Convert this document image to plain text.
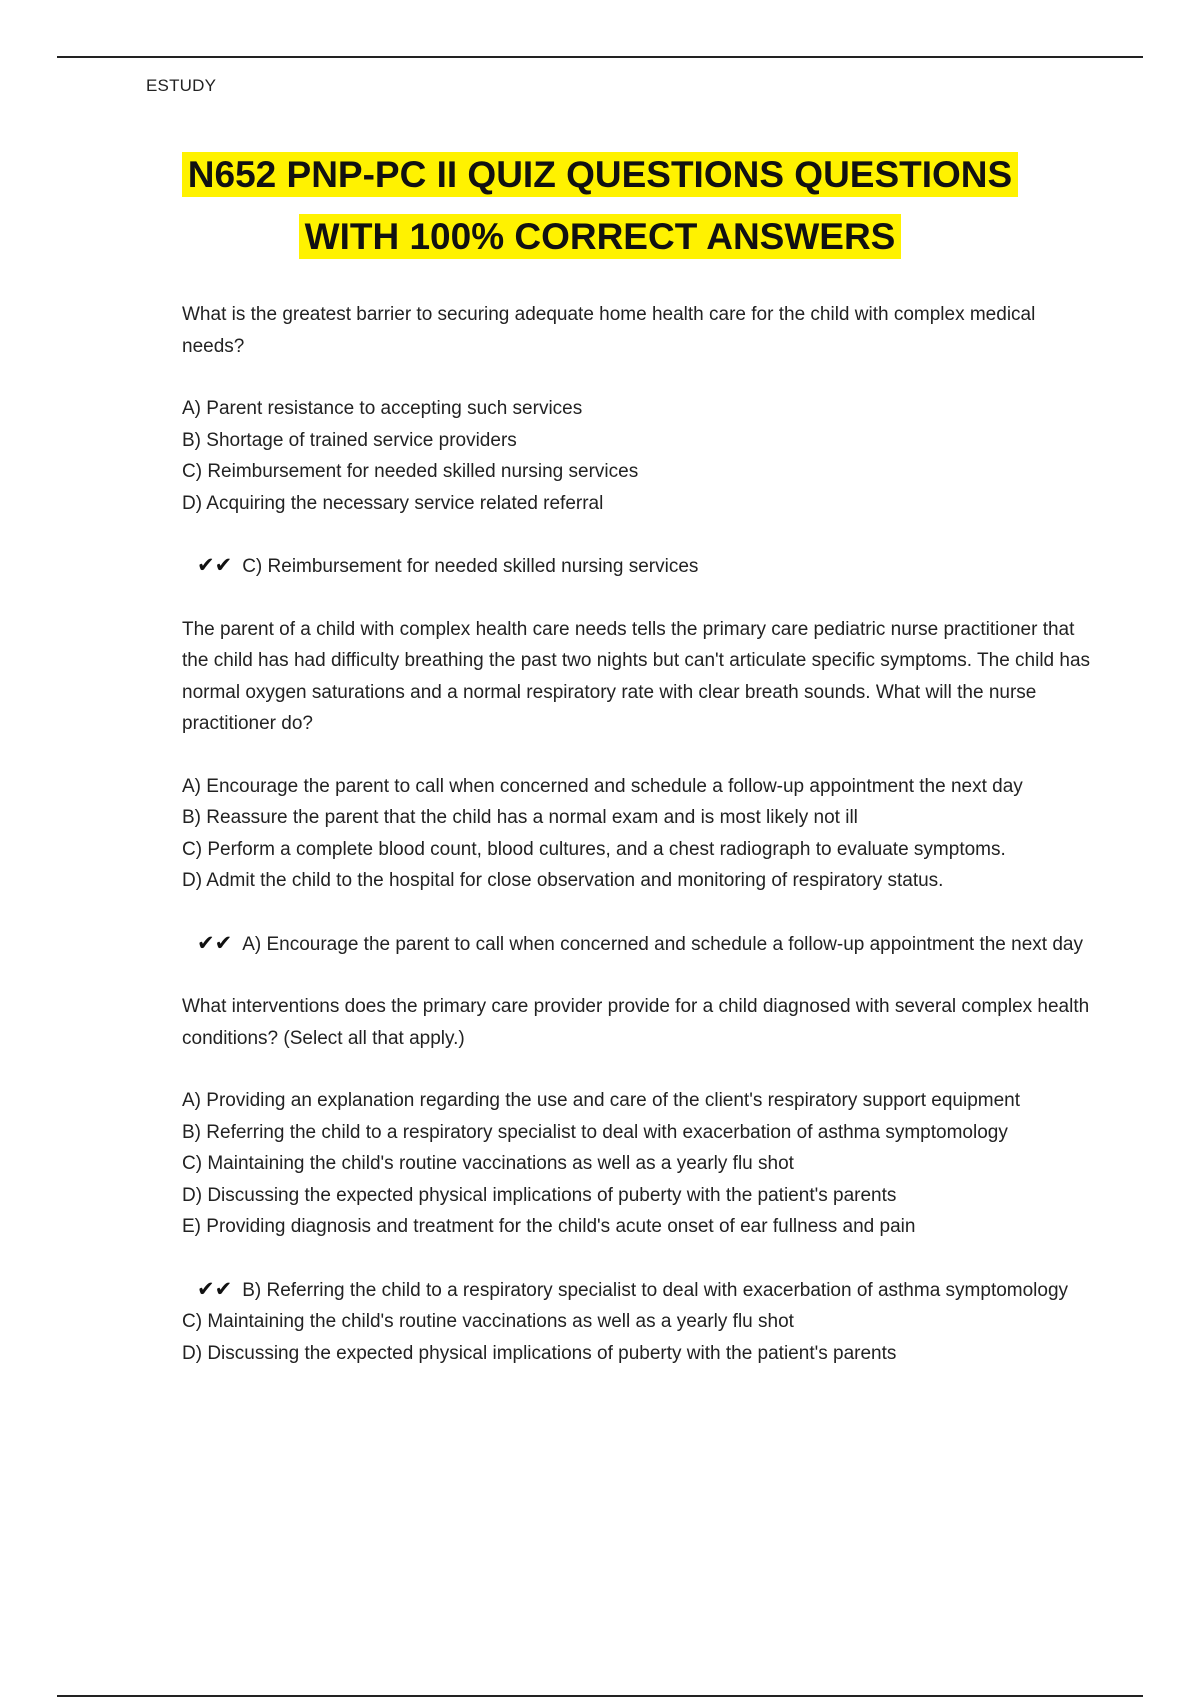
ESTUDY
N652 PNP-PC II QUIZ QUESTIONS QUESTIONS
WITH 100% CORRECT ANSWERS

What is the greatest barrier to securing adequate home health care for the child with complex medical needs?

A) Parent resistance to accepting such services
B) Shortage of trained service providers
C) Reimbursement for needed skilled nursing services
D) Acquiring the necessary service related referral

✔✔ C) Reimbursement for needed skilled nursing services

The parent of a child with complex health care needs tells the primary care pediatric nurse practitioner that the child has had difficulty breathing the past two nights but can't articulate specific symptoms. The child has normal oxygen saturations and a normal respiratory rate with clear breath sounds. What will the nurse practitioner do?

A) Encourage the parent to call when concerned and schedule a follow-up appointment the next day
B) Reassure the parent that the child has a normal exam and is most likely not ill
C) Perform a complete blood count, blood cultures, and a chest radiograph to evaluate symptoms.
D) Admit the child to the hospital for close observation and monitoring of respiratory status.

✔✔ A) Encourage the parent to call when concerned and schedule a follow-up appointment the next day

What interventions does the primary care provider provide for a child diagnosed with several complex health conditions? (Select all that apply.)

A) Providing an explanation regarding the use and care of the client's respiratory support equipment
B) Referring the child to a respiratory specialist to deal with exacerbation of asthma symptomology
C) Maintaining the child's routine vaccinations as well as a yearly flu shot
D) Discussing the expected physical implications of puberty with the patient's parents
E) Providing diagnosis and treatment for the child's acute onset of ear fullness and pain

✔✔ B) Referring the child to a respiratory specialist to deal with exacerbation of asthma symptomology

C) Maintaining the child's routine vaccinations as well as a yearly flu shot

D) Discussing the expected physical implications of puberty with the patient's parents
